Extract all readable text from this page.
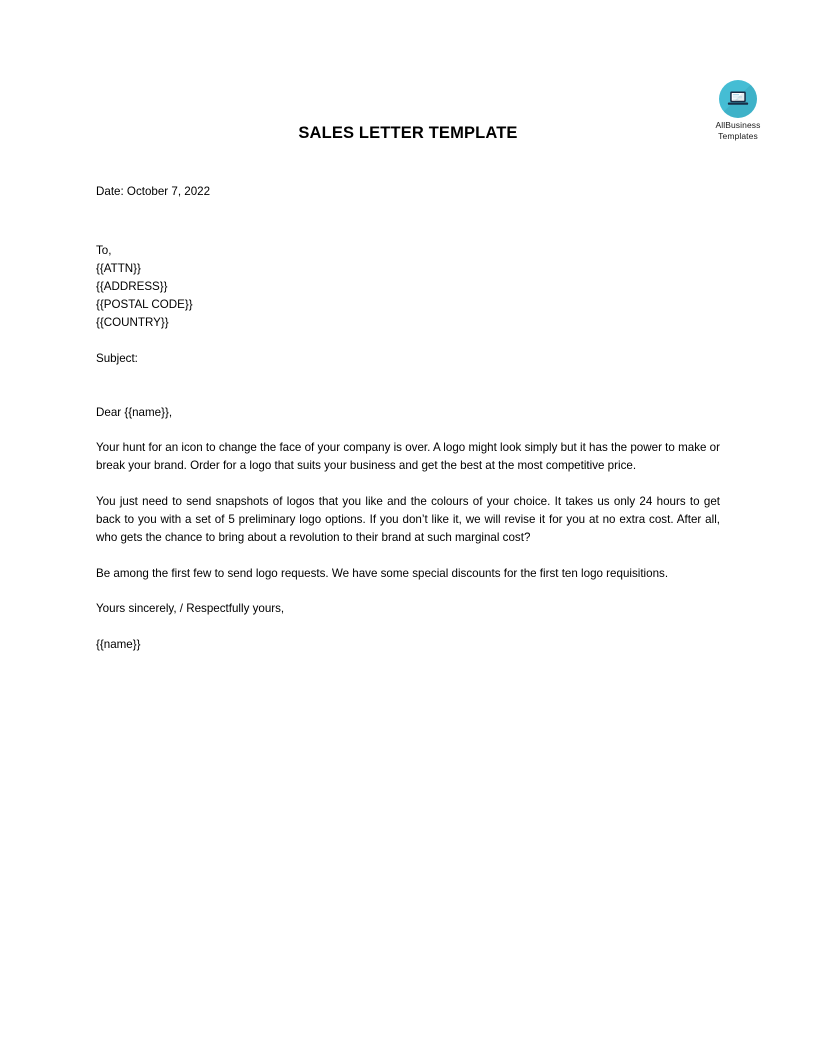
AllBusiness
Templates
SALES LETTER TEMPLATE
Date: October 7, 2022
To,
{{ATTN}}
{{ADDRESS}}
{{POSTAL CODE}}
{{COUNTRY}}
Subject:
Dear {{name}},

Your hunt for an icon to change the face of your company is over. A logo might look simply but it has the power to make or break your brand. Order for a logo that suits your business and get the best at the most competitive price.

You just need to send snapshots of logos that you like and the colours of your choice. It takes us only 24 hours to get back to you with a set of 5 preliminary logo options. If you don’t like it, we will revise it for you at no extra cost. After all, who gets the chance to bring about a revolution to their brand at such marginal cost?

Be among the first few to send logo requests. We have some special discounts for the first ten logo requisitions.

Yours sincerely, / Respectfully yours,
{{name}}
